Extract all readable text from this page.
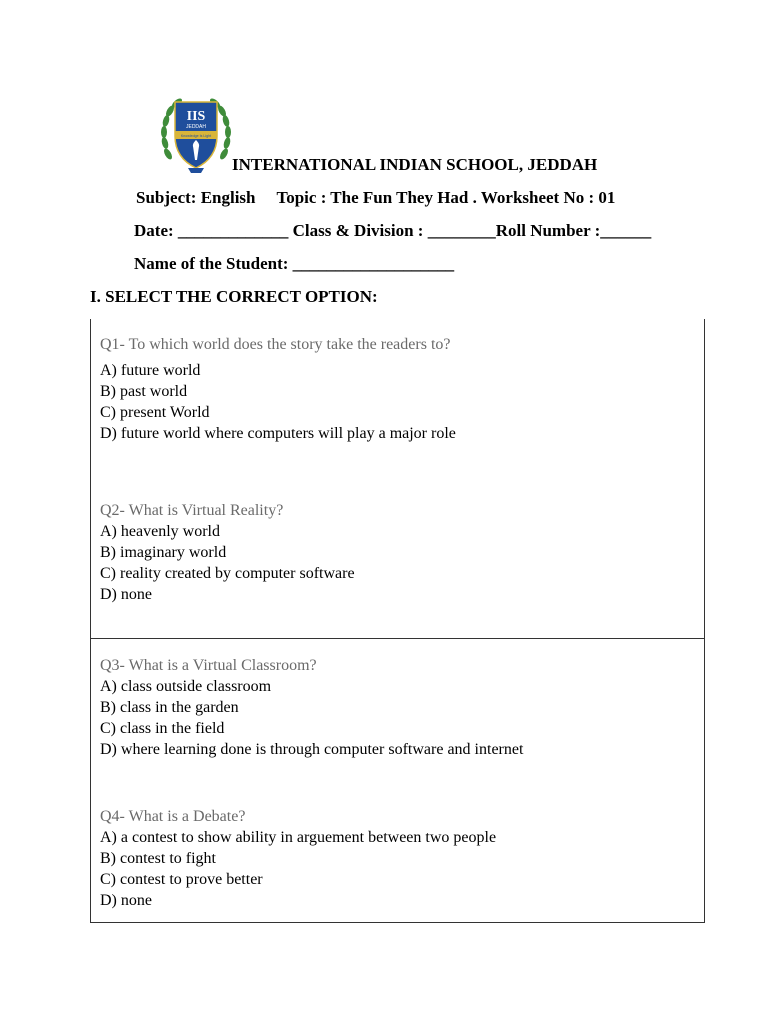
IIS
JEDDAH
Knowledge Is Light
INTERNATIONAL INDIAN SCHOOL, JEDDAH
Subject: English     Topic : The Fun They Had . Worksheet No : 01
Date: _____________ Class & Division : ________Roll Number :______
Name of the Student: ___________________
I. SELECT THE CORRECT OPTION:
Q1- To which world does the story take the readers to?
A) future world
B) past world
C) present World
D) future world where computers will play a major role
Q2- What is Virtual Reality?
A) heavenly world
B) imaginary world
C) reality created by computer software
D) none
Q3- What is a Virtual Classroom?
A) class outside classroom
B) class in the garden
C) class in the field
D) where learning done is through computer software and internet
Q4- What is a Debate?
A) a contest to show ability in arguement between two people
B) contest to fight
C) contest to prove better
D) none
